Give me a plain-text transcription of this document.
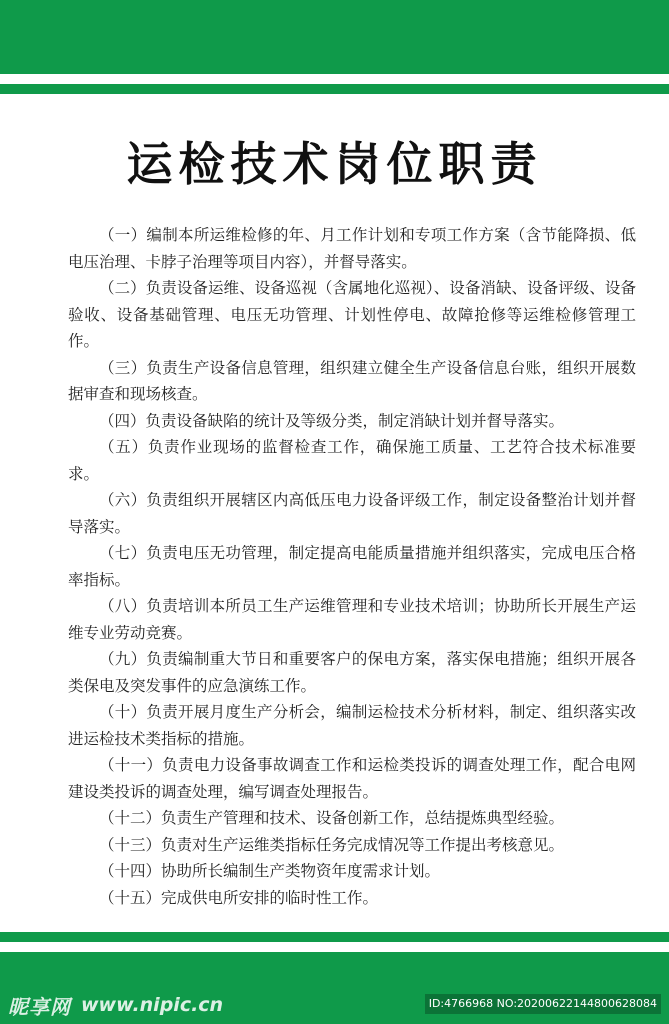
运检技术岗位职责

（一）编制本所运维检修的年、月工作计划和专项工作方案（含节能降损、低电压治理、卡脖子治理等项目内容），并督导落实。

（二）负责设备运维、设备巡视（含属地化巡视）、设备消缺、设备评级、设备验收、设备基础管理、电压无功管理、计划性停电、故障抢修等运维检修管理工作。

（三）负责生产设备信息管理，组织建立健全生产设备信息台账，组织开展数据审查和现场核查。

（四）负责设备缺陷的统计及等级分类，制定消缺计划并督导落实。

（五）负责作业现场的监督检查工作，确保施工质量、工艺符合技术标准要求。

（六）负责组织开展辖区内高低压电力设备评级工作，制定设备整治计划并督导落实。

（七）负责电压无功管理，制定提高电能质量措施并组织落实，完成电压合格率指标。

（八）负责培训本所员工生产运维管理和专业技术培训；协助所长开展生产运维专业劳动竞赛。

（九）负责编制重大节日和重要客户的保电方案，落实保电措施；组织开展各类保电及突发事件的应急演练工作。

（十）负责开展月度生产分析会，编制运检技术分析材料，制定、组织落实改进运检技术类指标的措施。

（十一）负责电力设备事故调查工作和运检类投诉的调查处理工作，配合电网建设类投诉的调查处理，编写调查处理报告。

（十二）负责生产管理和技术、设备创新工作，总结提炼典型经验。

（十三）负责对生产运维类指标任务完成情况等工作提出考核意见。

（十四）协助所长编制生产类物资年度需求计划。

（十五）完成供电所安排的临时性工作。

昵享网 www.nipic.cn	ID:4766968 NO:20200622144800628084
